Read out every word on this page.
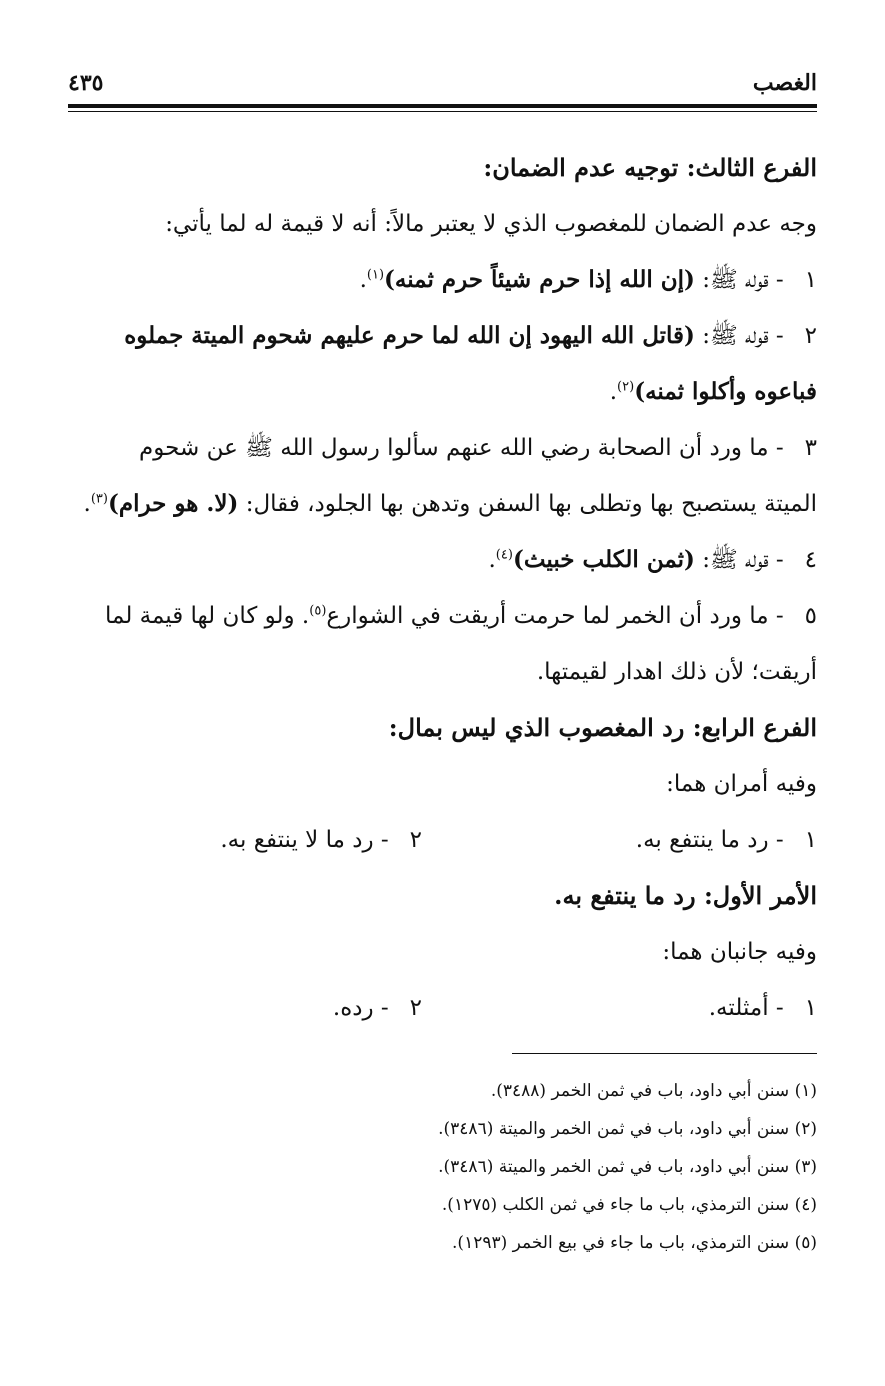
الغصب
٤٣٥
الفرع الثالث: توجيه عدم الضمان:
وجه عدم الضمان للمغصوب الذي لا يعتبر مالاً: أنه لا قيمة له لما يأتي:
١ - قوله ﷺ: (إن الله إذا حرم شيئاً حرم ثمنه)$^{(١)}$.
٢ - قوله ﷺ: (قاتل الله اليهود إن الله لما حرم عليهم شحوم الميتة جملوه
فباعوه وأكلوا ثمنه)$^{(٢)}$.
٣ - ما ورد أن الصحابة رضي الله عنهم سألوا رسول الله ﷺ عن شحوم
الميتة يستصبح بها وتطلى بها السفن وتدهن بها الجلود، فقال: (لا. هو حرام)$^{(٣)}$.
٤ - قوله ﷺ: (ثمن الكلب خبيث)$^{(٤)}$.
٥ - ما ورد أن الخمر لما حرمت أريقت في الشوارع$^{(٥)}$. ولو كان لها قيمة لما
أريقت؛ لأن ذلك اهدار لقيمتها.
الفرع الرابع: رد المغصوب الذي ليس بمال:
وفيه أمران هما:
١ - رد ما ينتفع به.
٢ - رد ما لا ينتفع به.
الأمر الأول: رد ما ينتفع به.
وفيه جانبان هما:
١ - أمثلته.
٢ - رده.
(١) سنن أبي داود، باب في ثمن الخمر (٣٤٨٨).
(٢) سنن أبي داود، باب في ثمن الخمر والميتة (٣٤٨٦).
(٣) سنن أبي داود، باب في ثمن الخمر والميتة (٣٤٨٦).
(٤) سنن الترمذي، باب ما جاء في ثمن الكلب (١٢٧٥).
(٥) سنن الترمذي، باب ما جاء في بيع الخمر (١٢٩٣).
